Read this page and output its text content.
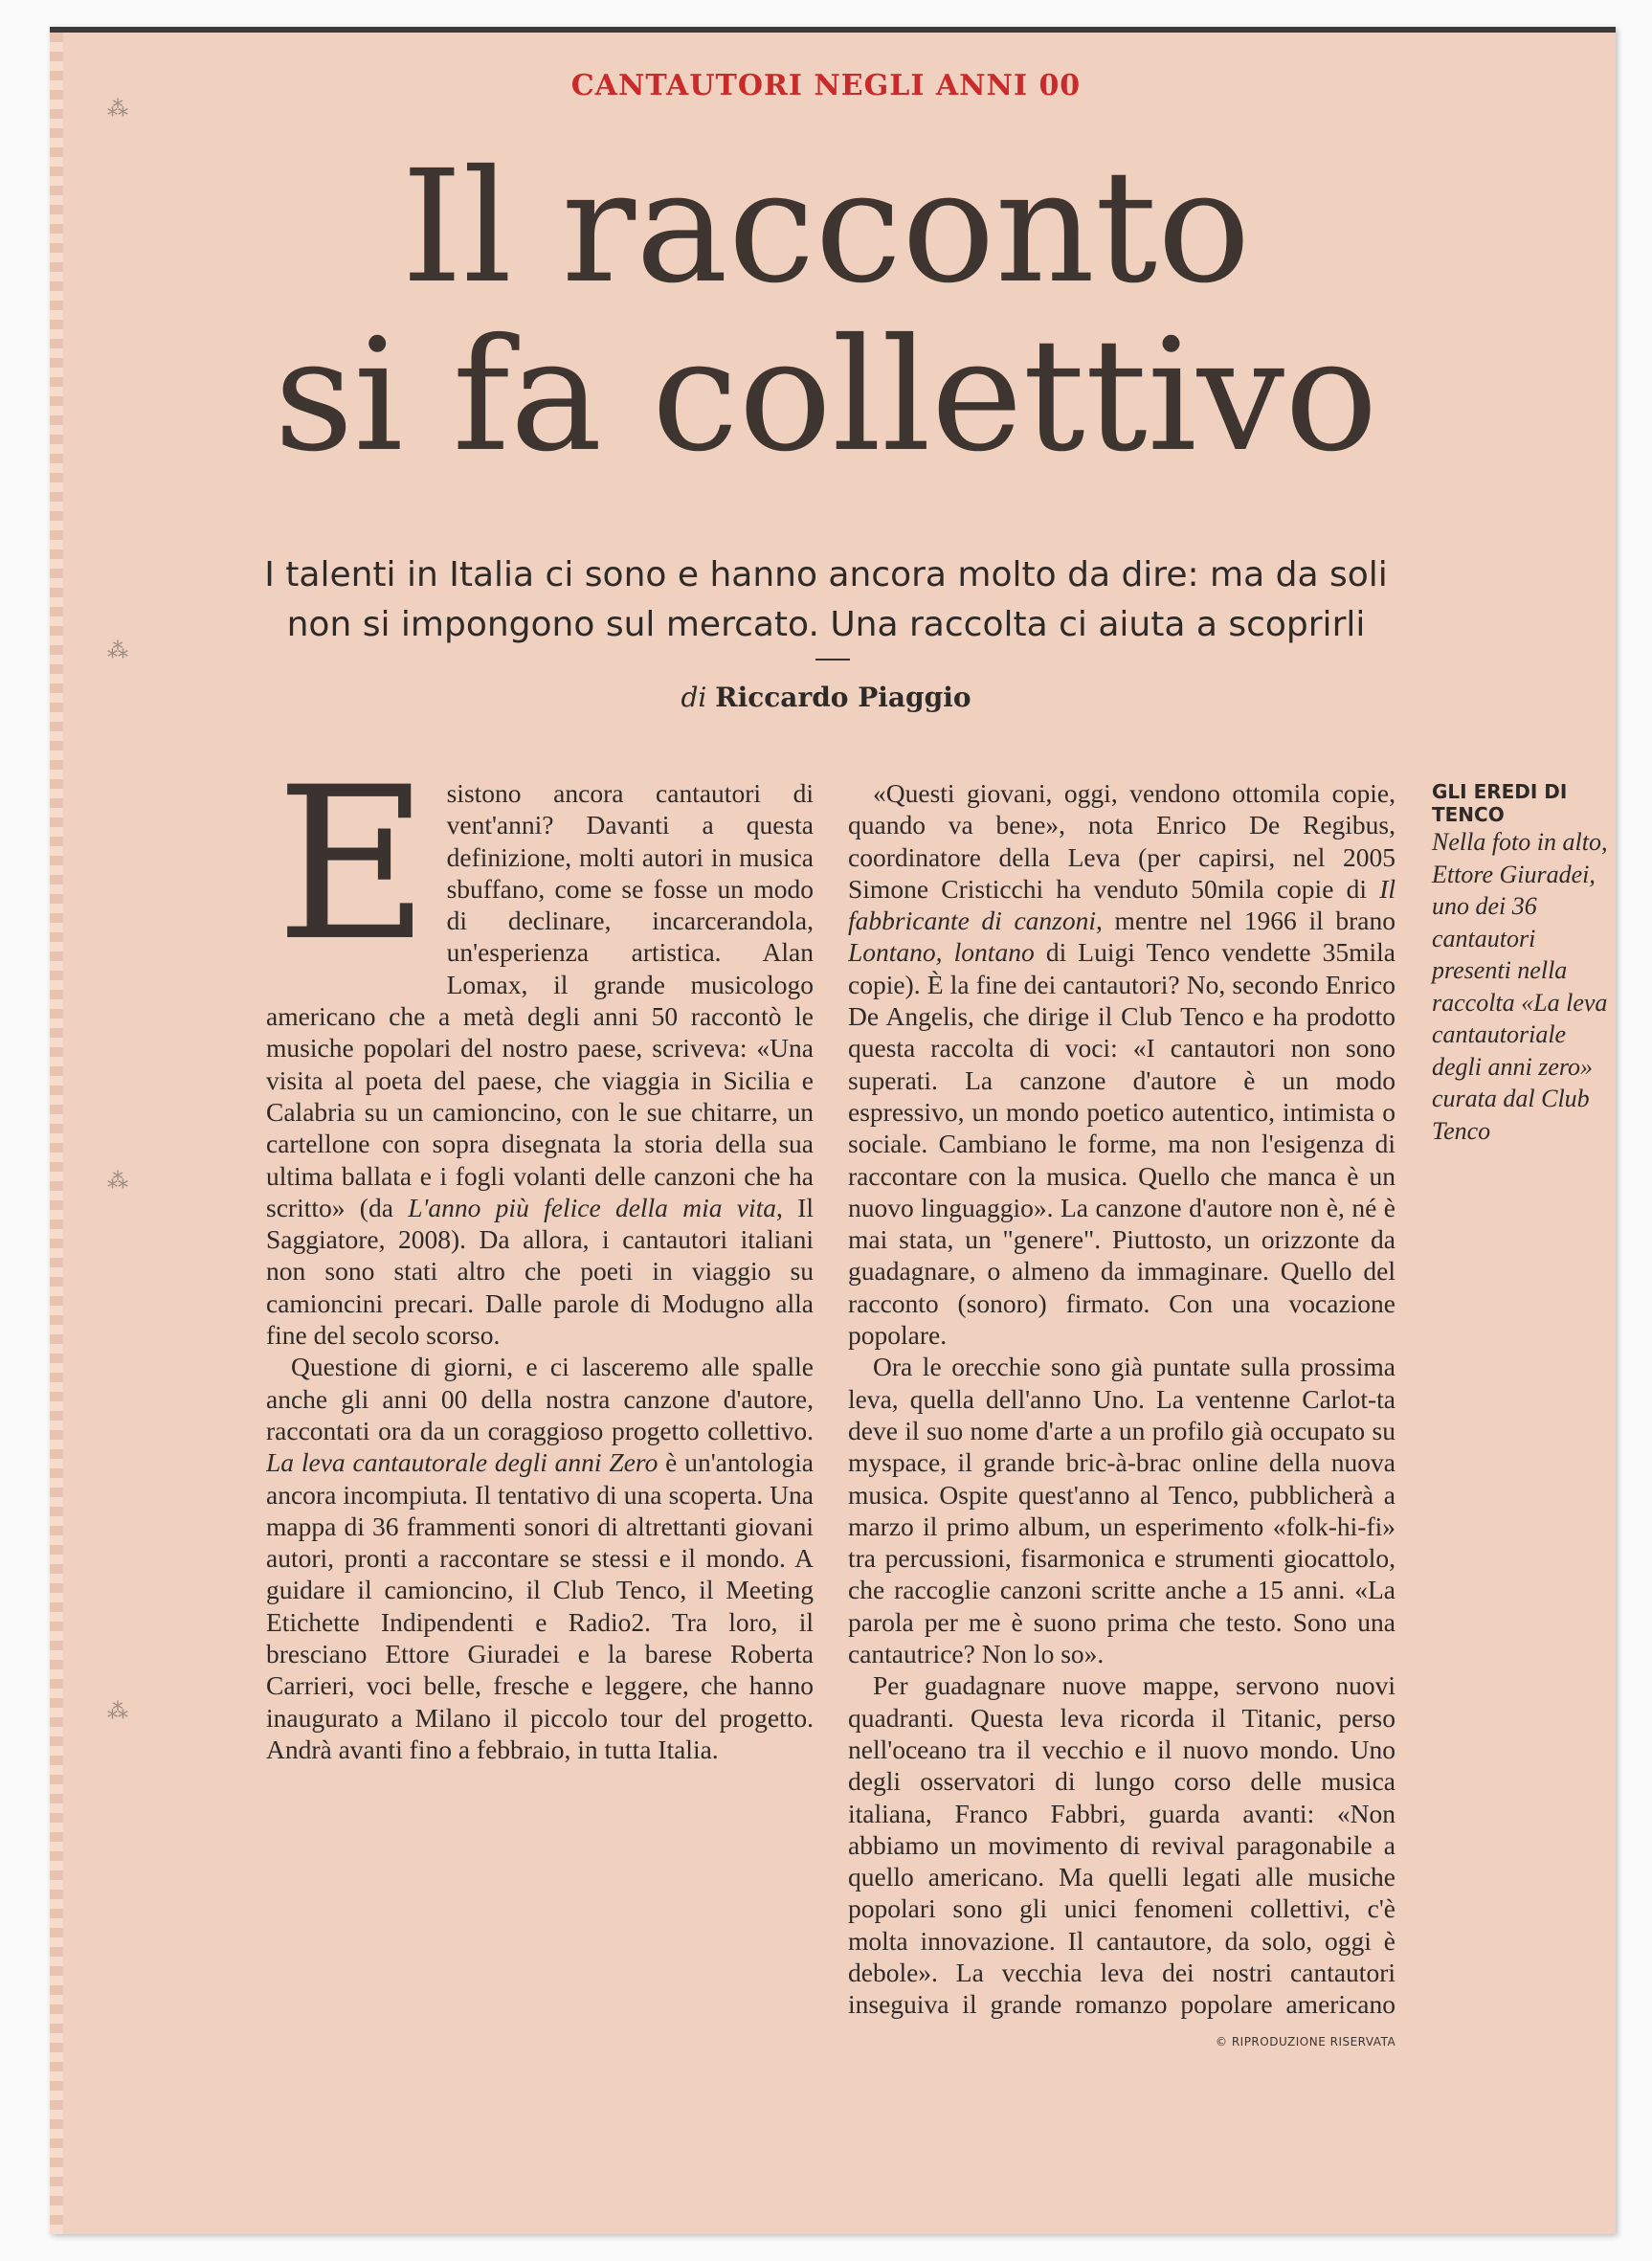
⁂
⁂
⁂
⁂
CANTAUTORI NEGLI ANNI 00
Il racconto
si fa collettivo
I talenti in Italia ci sono e hanno ancora molto da dire: ma da soli
non si impongono sul mercato. Una raccolta ci aiuta a scoprirli
di Riccardo Piaggio
E sistono ancora cantautori di vent'anni? Davanti a questa definizione, molti autori in musica sbuffano, come se fosse un modo di declinare, incarcerandola, un'esperienza artistica. Alan Lomax, il grande musicologo americano che a metà degli anni 50 raccontò le musiche popolari del nostro paese, scriveva: «Una visita al poeta del paese, che viaggia in Sicilia e Calabria su un camioncino, con le sue chitarre, un cartellone con sopra disegnata la storia della sua ultima ballata e i fogli volanti delle canzoni che ha scritto» (da L'anno più felice della mia vita, Il Saggiatore, 2008). Da allora, i cantautori italiani non sono stati altro che poeti in viaggio su camioncini precari. Dalle parole di Modugno alla fine del secolo scorso.

Questione di giorni, e ci lasceremo alle spalle anche gli anni 00 della nostra canzone d'autore, raccontati ora da un coraggioso progetto collettivo. La leva cantautorale degli anni Zero è un'antologia ancora incompiuta. Il tentativo di una scoperta. Una mappa di 36 frammenti sonori di altrettanti giovani autori, pronti a raccontare se stessi e il mondo. A guidare il camioncino, il Club Tenco, il Meeting Etichette Indipendenti e Radio2. Tra loro, il bresciano Ettore Giuradei e la barese Roberta Carrieri, voci belle, fresche e leggere, che hanno inaugurato a Milano il piccolo tour del progetto. Andrà avanti fino a febbraio, in tutta Italia.

«Questi giovani, oggi, vendono ottomila copie, quando va bene», nota Enrico De Regibus, coordinatore della Leva (per capirsi, nel 2005 Simone Cristicchi ha venduto 50mila copie di Il fabbricante di canzoni, mentre nel 1966 il brano Lontano, lontano di Luigi Tenco vendette 35mila copie). È la fine dei cantautori? No, secondo Enrico De Angelis, che dirige il Club Tenco e ha prodotto questa raccolta di voci: «I cantautori non sono superati. La canzone d'autore è un modo espressivo, un mondo poetico autentico, intimista o sociale. Cambiano le forme, ma non l'esigenza di raccontare con la musica. Quello che manca è un nuovo linguaggio». La canzone d'autore non è, né è mai stata, un "genere". Piuttosto, un orizzonte da guadagnare, o almeno da immaginare. Quello del racconto (sonoro) firmato. Con una vocazione popolare.

Ora le orecchie sono già puntate sulla prossima leva, quella dell'anno Uno. La ventenne Carlot-ta deve il suo nome d'arte a un profilo già occupato su myspace, il grande bric-à-brac online della nuova musica. Ospite quest'anno al Tenco, pubblicherà a marzo il primo album, un esperimento «folk-hi-fi» tra percussioni, fisarmonica e strumenti giocattolo, che raccoglie canzoni scritte anche a 15 anni. «La parola per me è suono prima che testo. Sono una cantautrice? Non lo so».

Per guadagnare nuove mappe, servono nuovi quadranti. Questa leva ricorda il Titanic, perso nell'oceano tra il vecchio e il nuovo mondo. Uno degli osservatori di lungo corso delle musica italiana, Franco Fabbri, guarda avanti: «Non abbiamo un movimento di revival paragonabile a quello americano. Ma quelli legati alle musiche popolari sono gli unici fenomeni collettivi, c'è molta innovazione. Il cantautore, da solo, oggi è debole». La vecchia leva dei nostri cantautori inseguiva il grande romanzo popolare americano

GLI EREDI DI TENCO
Nella foto in alto, Ettore Giuradei, uno dei 36 cantautori presenti nella raccolta «La leva cantautoriale degli anni zero» curata dal Club Tenco
© RIPRODUZIONE RISERVATA
